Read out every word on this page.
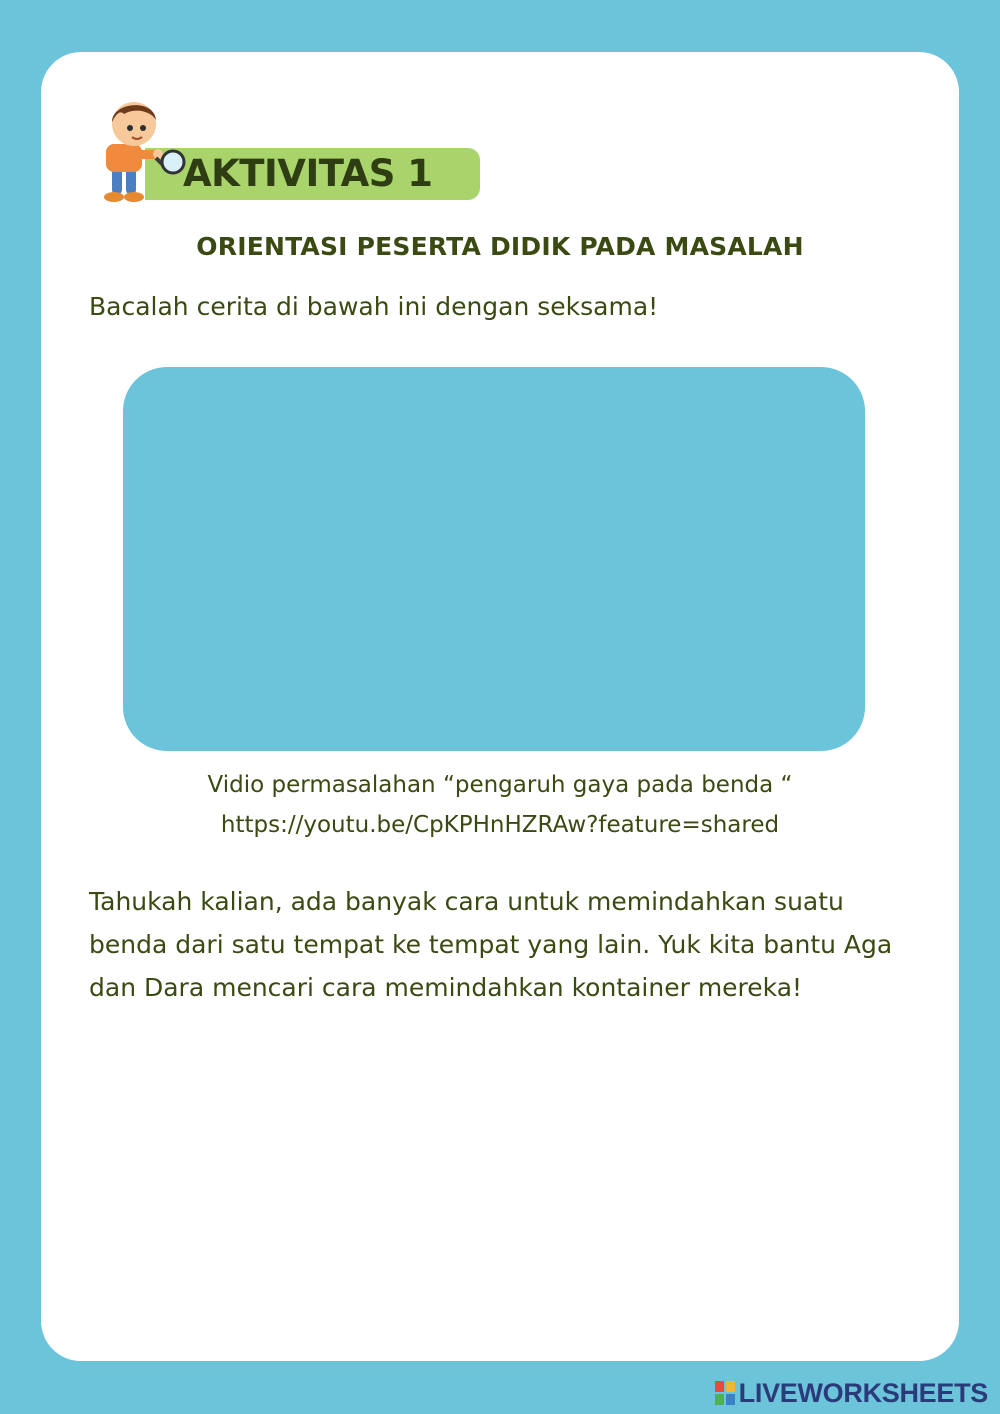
AKTIVITAS 1
ORIENTASI PESERTA DIDIK PADA MASALAH
Bacalah cerita di bawah ini dengan seksama!
Vidio permasalahan “pengaruh gaya pada benda “
https://youtu.be/CpKPHnHZRAw?feature=shared

Tahukah kalian, ada banyak cara untuk memindahkan suatu benda dari satu tempat ke tempat yang lain. Yuk kita bantu Aga dan Dara mencari cara memindahkan kontainer mereka!

LIVEWORKSHEETS
